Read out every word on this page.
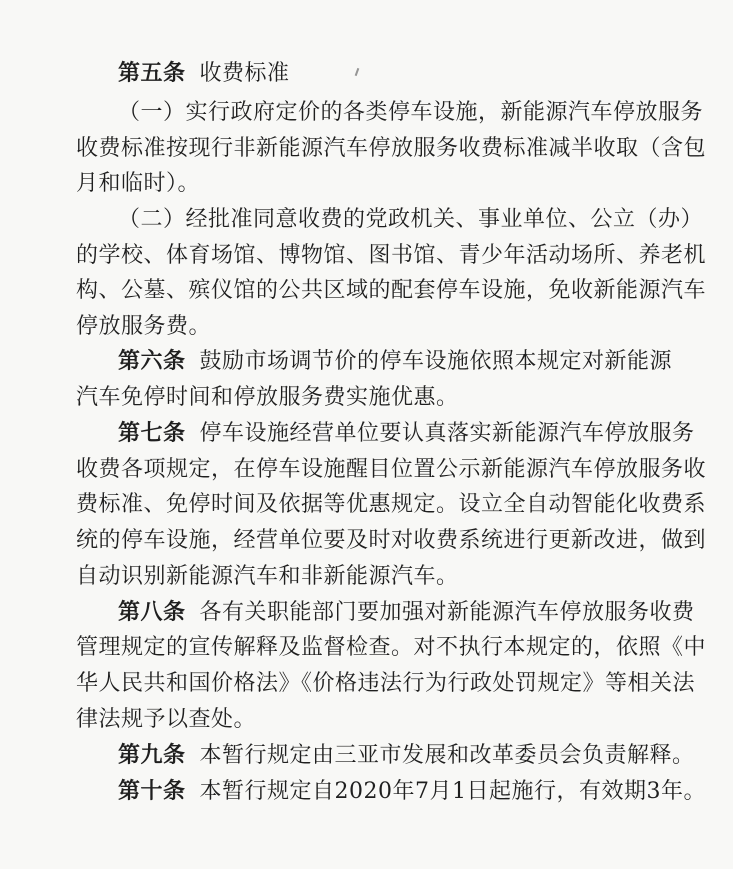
第五条 收费标准
（一）实行政府定价的各类停车设施，新能源汽车停放服务
收费标准按现行非新能源汽车停放服务收费标准减半收取（含包
月和临时）。
（二）经批准同意收费的党政机关、事业单位、公立（办）
的学校、体育场馆、博物馆、图书馆、青少年活动场所、养老机
构、公墓、殡仪馆的公共区域的配套停车设施，免收新能源汽车
停放服务费。
第六条 鼓励市场调节价的停车设施依照本规定对新能源
汽车免停时间和停放服务费实施优惠。
第七条 停车设施经营单位要认真落实新能源汽车停放服务
收费各项规定，在停车设施醒目位置公示新能源汽车停放服务收
费标准、免停时间及依据等优惠规定。设立全自动智能化收费系
统的停车设施，经营单位要及时对收费系统进行更新改进，做到
自动识别新能源汽车和非新能源汽车。
第八条 各有关职能部门要加强对新能源汽车停放服务收费
管理规定的宣传解释及监督检查。对不执行本规定的，依照《中
华人民共和国价格法》《价格违法行为行政处罚规定》等相关法
律法规予以查处。
第九条 本暂行规定由三亚市发展和改革委员会负责解释。
第十条 本暂行规定自2020年7月1日起施行，有效期3年。
